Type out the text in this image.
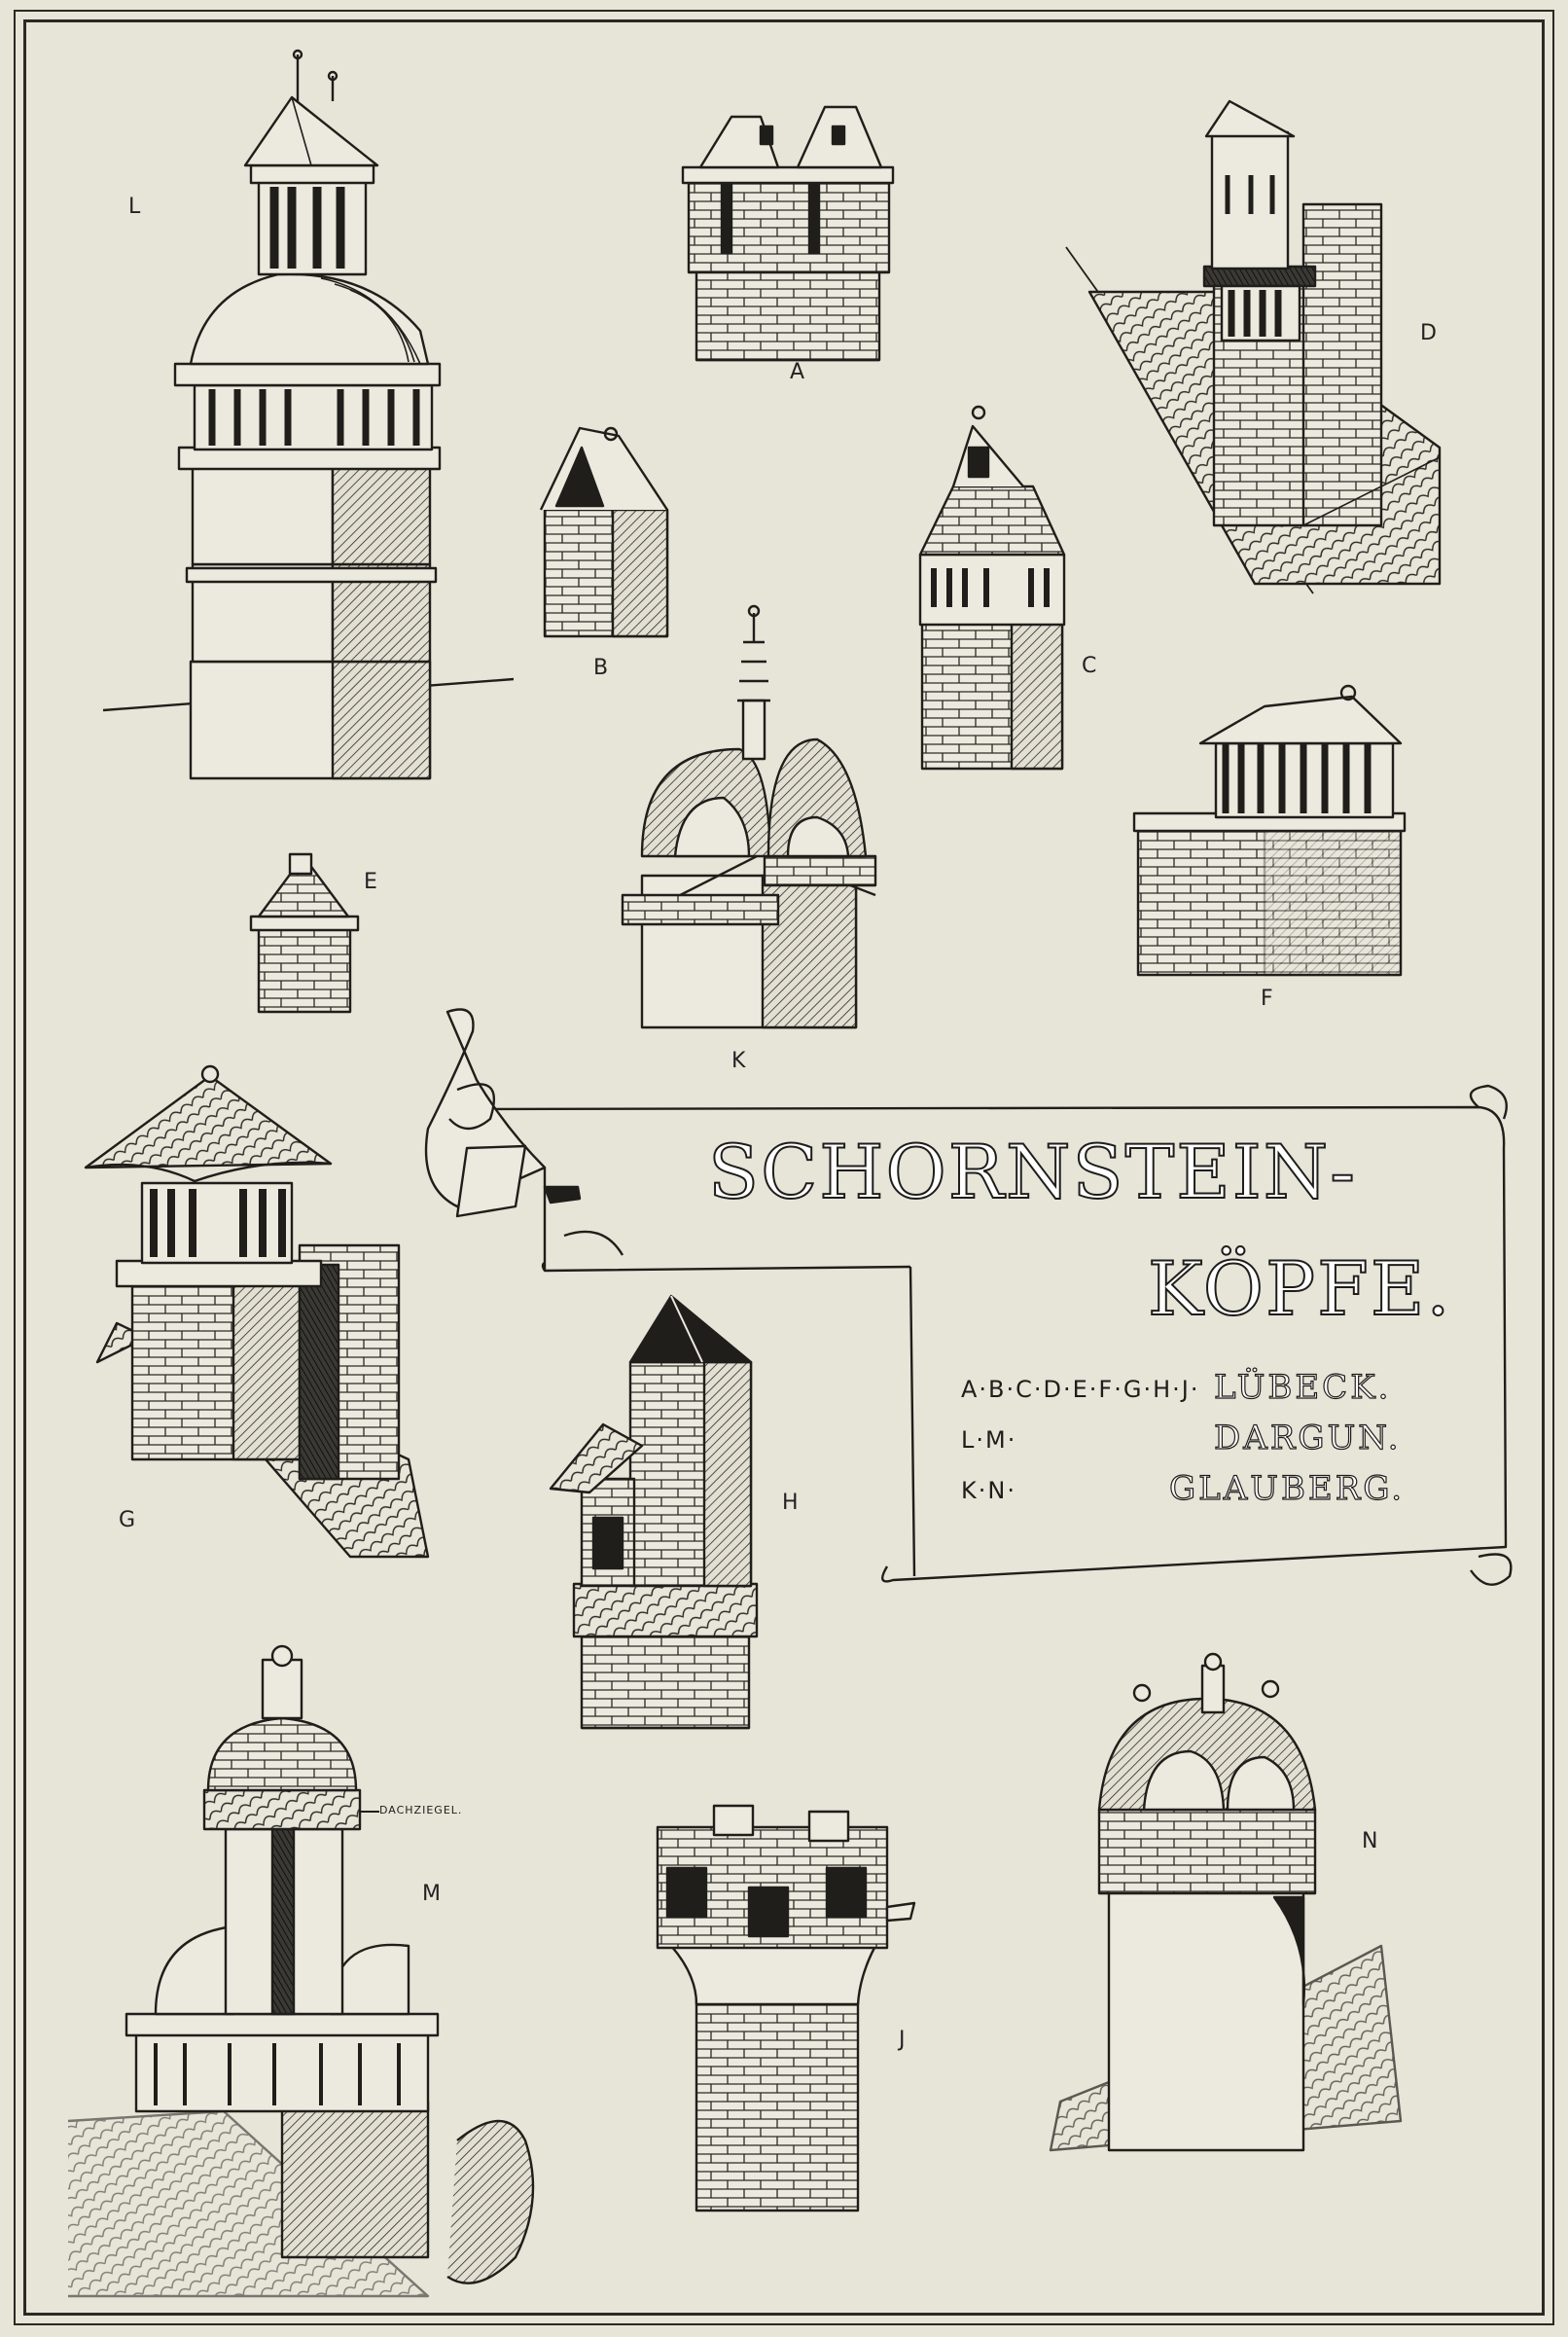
L
A
D
B	C
E
F
K
G
H
M
J
N
DACHZIEGEL.
SCHORNSTEIN-
KÖPFE.
A·B·C·D·E·F·G·H·J· LÜBECK.
L·M·	DARGUN.
K·N·	GLAUBERG.
